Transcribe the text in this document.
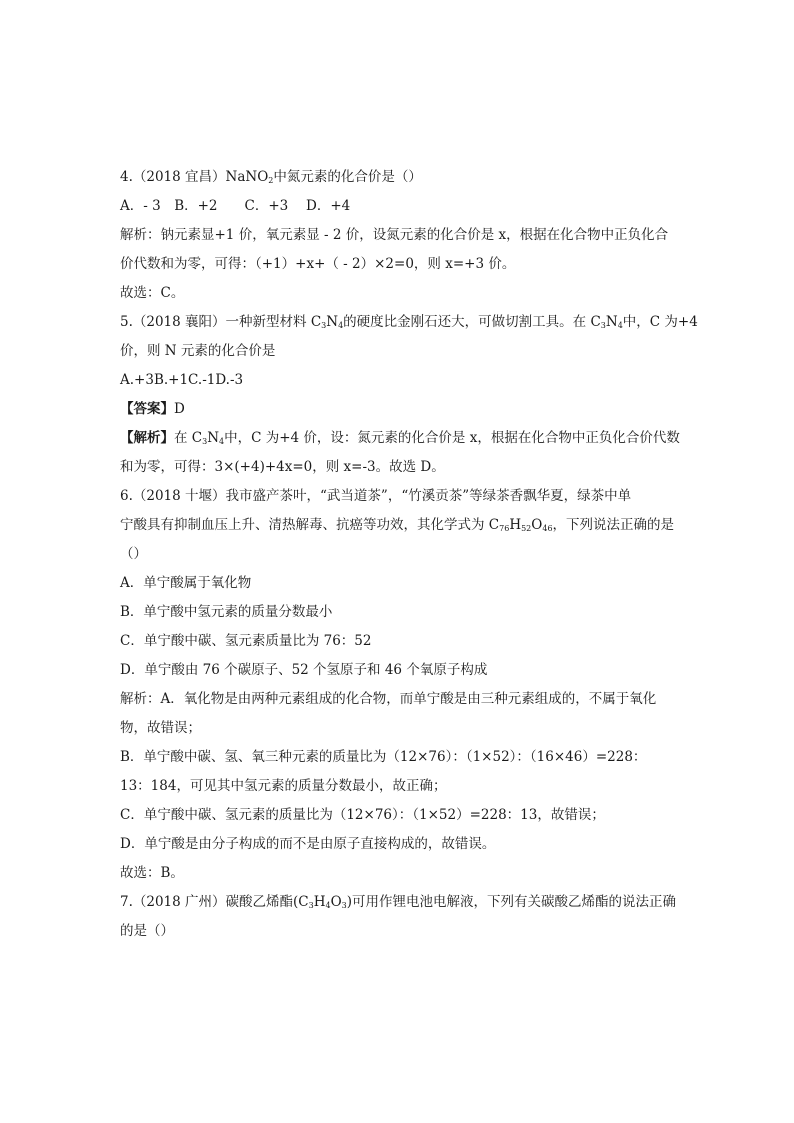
4.（2018 宜昌）NaNO$_2$中氮元素的化合价是（）
A．- 3　B．+2　　C．+3　 D．+4
解析：钠元素显+1 价，氧元素显 - 2 价，设氮元素的化合价是 x，根据在化合物中正负化合
价代数和为零，可得：（+1）+x+（ - 2）×2=0，则 x=+3 价。
故选：C。
5.（2018 襄阳）一种新型材料 $C_3N_4$的硬度比金刚石还大，可做切割工具。在 $C_3N_4$中，C 为+4
价，则 N 元素的化合价是
A.+3B.+1C.-1D.-3
【答案】D
【解析】在 $C_3N_4$中，C 为+4 价，设：氮元素的化合价是 x，根据在化合物中正负化合价代数
和为零，可得：3×(+4)+4x=0，则 x=-3。故选 D。
6.（2018 十堰）我市盛产茶叶，“武当道茶”，“竹溪贡茶”等绿茶香飘华夏，绿茶中单
宁酸具有抑制血压上升、清热解毒、抗癌等功效，其化学式为 $C_{76}H_{52}O_{46}$，下列说法正确的是
（）
A．单宁酸属于氧化物
B．单宁酸中氢元素的质量分数最小
C．单宁酸中碳、氢元素质量比为 76：52
D．单宁酸由 76 个碳原子、52 个氢原子和 46 个氧原子构成
解析：A．氧化物是由两种元素组成的化合物，而单宁酸是由三种元素组成的，不属于氧化
物，故错误；
B．单宁酸中碳、氢、氧三种元素的质量比为（12×76）：（1×52）：（16×46）=228：
13：184，可见其中氢元素的质量分数最小，故正确；
C．单宁酸中碳、氢元素的质量比为（12×76）：（1×52）=228：13，故错误；
D．单宁酸是由分子构成的而不是由原子直接构成的，故错误。
故选：B。
7.（2018 广州）碳酸乙烯酯$(C_3H_4O_3)$可用作锂电池电解液，下列有关碳酸乙烯酯的说法正确
的是（）
